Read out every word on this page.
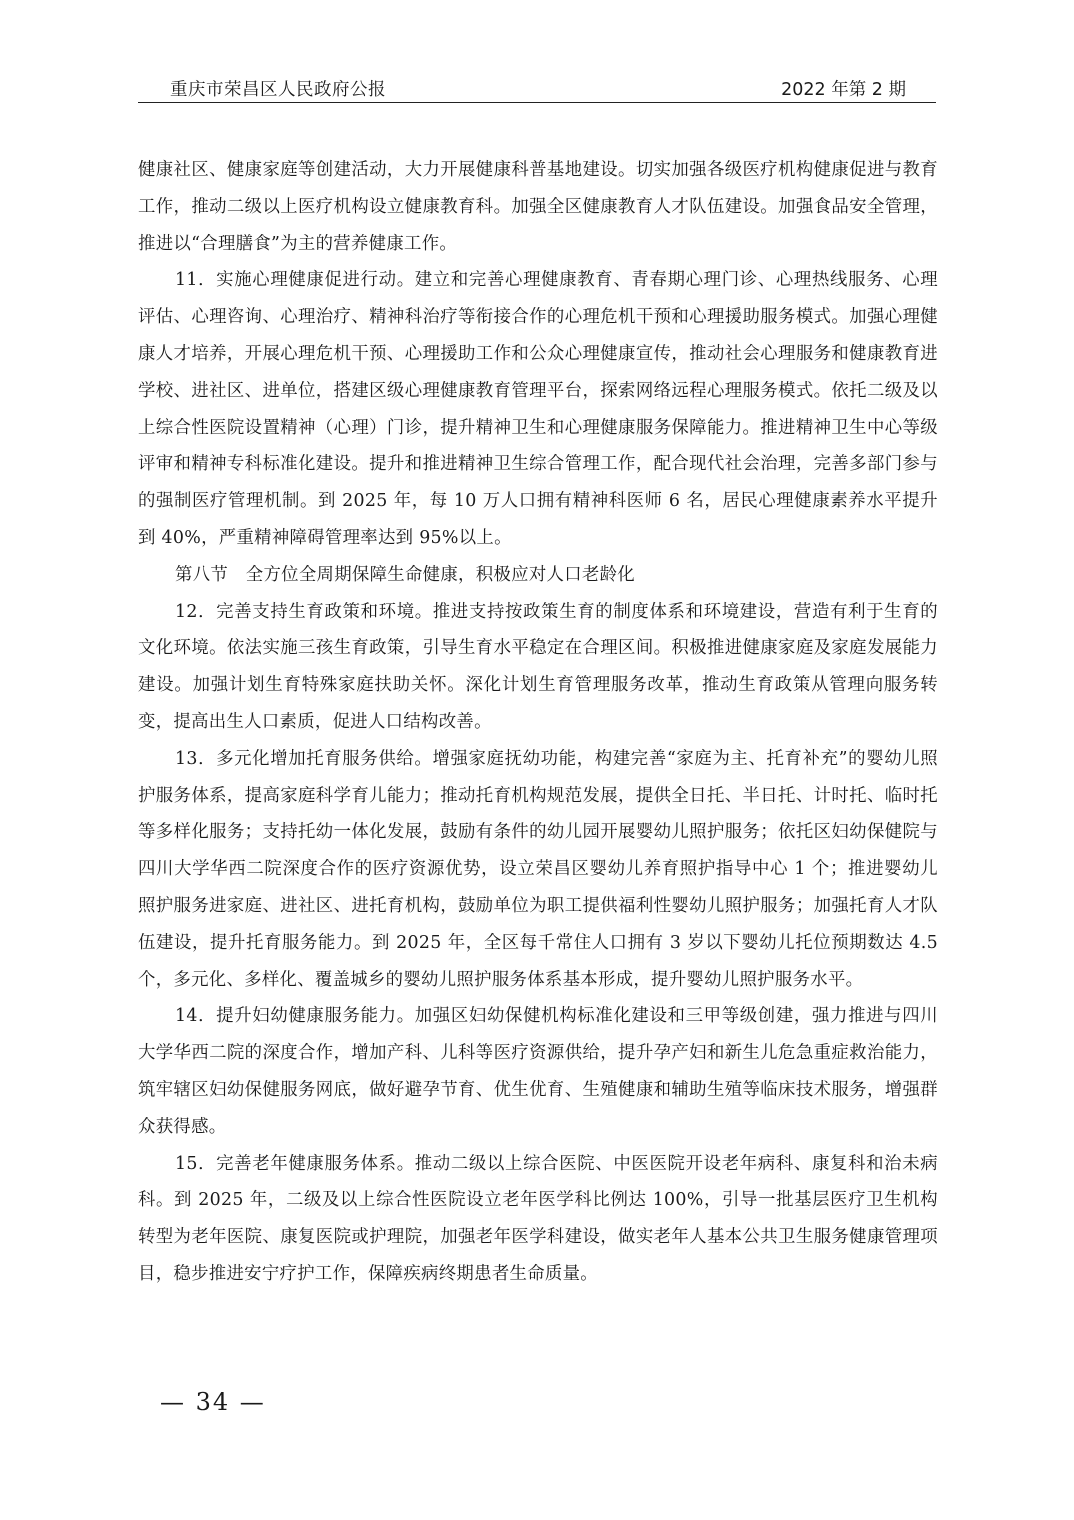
重庆市荣昌区人民政府公报	2022 年第 2 期

健康社区、健康家庭等创建活动，大力开展健康科普基地建设。切实加强各级医疗机构健康促进与教育工作，推动二级以上医疗机构设立健康教育科。加强全区健康教育人才队伍建设。加强食品安全管理，推进以“合理膳食”为主的营养健康工作。

11．实施心理健康促进行动。建立和完善心理健康教育、青春期心理门诊、心理热线服务、心理评估、心理咨询、心理治疗、精神科治疗等衔接合作的心理危机干预和心理援助服务模式。加强心理健康人才培养，开展心理危机干预、心理援助工作和公众心理健康宣传，推动社会心理服务和健康教育进学校、进社区、进单位，搭建区级心理健康教育管理平台，探索网络远程心理服务模式。依托二级及以上综合性医院设置精神（心理）门诊，提升精神卫生和心理健康服务保障能力。推进精神卫生中心等级评审和精神专科标准化建设。提升和推进精神卫生综合管理工作，配合现代社会治理，完善多部门参与的强制医疗管理机制。到 2025 年，每 10 万人口拥有精神科医师 6 名，居民心理健康素养水平提升到 40%，严重精神障碍管理率达到 95%以上。

第八节　全方位全周期保障生命健康，积极应对人口老龄化

12．完善支持生育政策和环境。推进支持按政策生育的制度体系和环境建设，营造有利于生育的文化环境。依法实施三孩生育政策，引导生育水平稳定在合理区间。积极推进健康家庭及家庭发展能力建设。加强计划生育特殊家庭扶助关怀。深化计划生育管理服务改革，推动生育政策从管理向服务转变，提高出生人口素质，促进人口结构改善。

13．多元化增加托育服务供给。增强家庭抚幼功能，构建完善“家庭为主、托育补充”的婴幼儿照护服务体系，提高家庭科学育儿能力；推动托育机构规范发展，提供全日托、半日托、计时托、临时托等多样化服务；支持托幼一体化发展，鼓励有条件的幼儿园开展婴幼儿照护服务；依托区妇幼保健院与四川大学华西二院深度合作的医疗资源优势，设立荣昌区婴幼儿养育照护指导中心 1 个；推进婴幼儿照护服务进家庭、进社区、进托育机构，鼓励单位为职工提供福利性婴幼儿照护服务；加强托育人才队伍建设，提升托育服务能力。到 2025 年，全区每千常住人口拥有 3 岁以下婴幼儿托位预期数达 4.5 个，多元化、多样化、覆盖城乡的婴幼儿照护服务体系基本形成，提升婴幼儿照护服务水平。

14．提升妇幼健康服务能力。加强区妇幼保健机构标准化建设和三甲等级创建，强力推进与四川大学华西二院的深度合作，增加产科、儿科等医疗资源供给，提升孕产妇和新生儿危急重症救治能力，筑牢辖区妇幼保健服务网底，做好避孕节育、优生优育、生殖健康和辅助生殖等临床技术服务，增强群众获得感。

15．完善老年健康服务体系。推动二级以上综合医院、中医医院开设老年病科、康复科和治未病科。到 2025 年，二级及以上综合性医院设立老年医学科比例达 100%，引导一批基层医疗卫生机构转型为老年医院、康复医院或护理院，加强老年医学科建设，做实老年人基本公共卫生服务健康管理项目，稳步推进安宁疗护工作，保障疾病终期患者生命质量。

— 34 —
